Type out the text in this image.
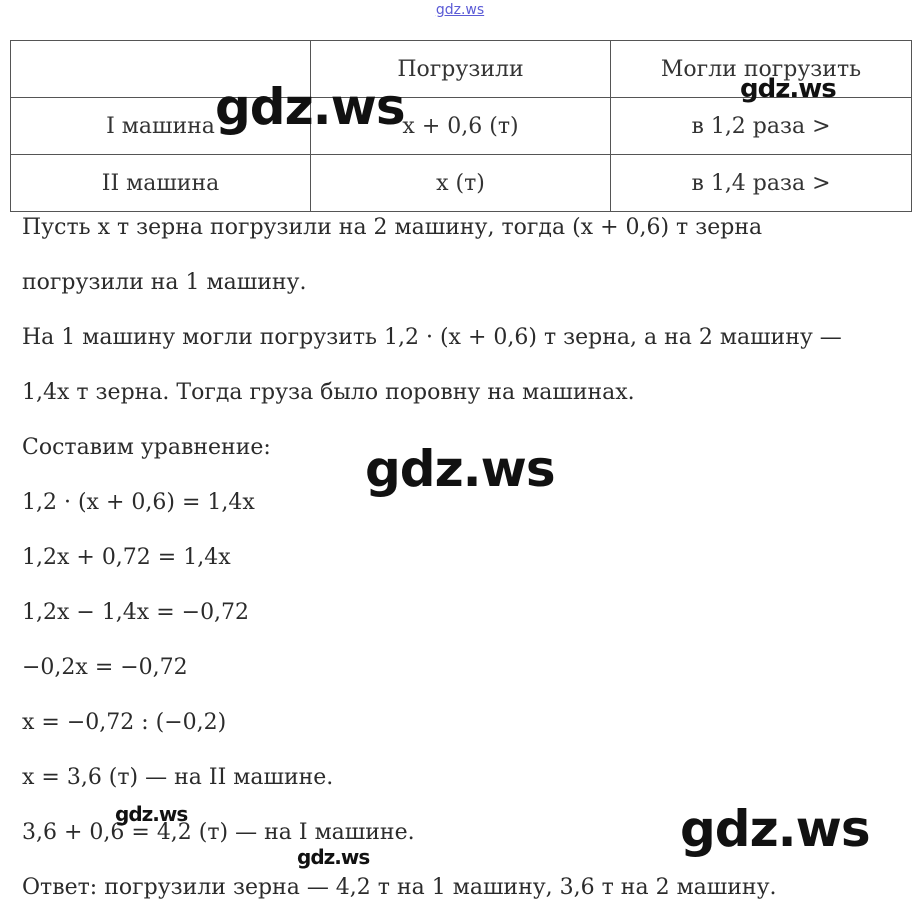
gdz.ws
	Погрузили	Могли погрузить
I машина	x + 0,6 (т)	в 1,2 раза >
II машина	x (т)	в 1,4 раза >
Пусть x т зерна погрузили на 2 машину, тогда (x + 0,6) т зерна
погрузили на 1 машину.
На 1 машину могли погрузить 1,2 · (x + 0,6) т зерна, а на 2 машину —
1,4x т зерна. Тогда груза было поровну на машинах.
Составим уравнение:
1,2 · (x + 0,6) = 1,4x
1,2x + 0,72 = 1,4x
1,2x − 1,4x = −0,72
−0,2x = −0,72
x = −0,72 : (−0,2)
x = 3,6 (т) — на II машине.
3,6 + 0,6 = 4,2 (т) — на I машине.
Ответ: погрузили зерна — 4,2 т на 1 машину, 3,6 т на 2 машину.
gdz.ws	gdz.ws
gdz.ws
gdz.ws	gdz.ws
gdz.ws
